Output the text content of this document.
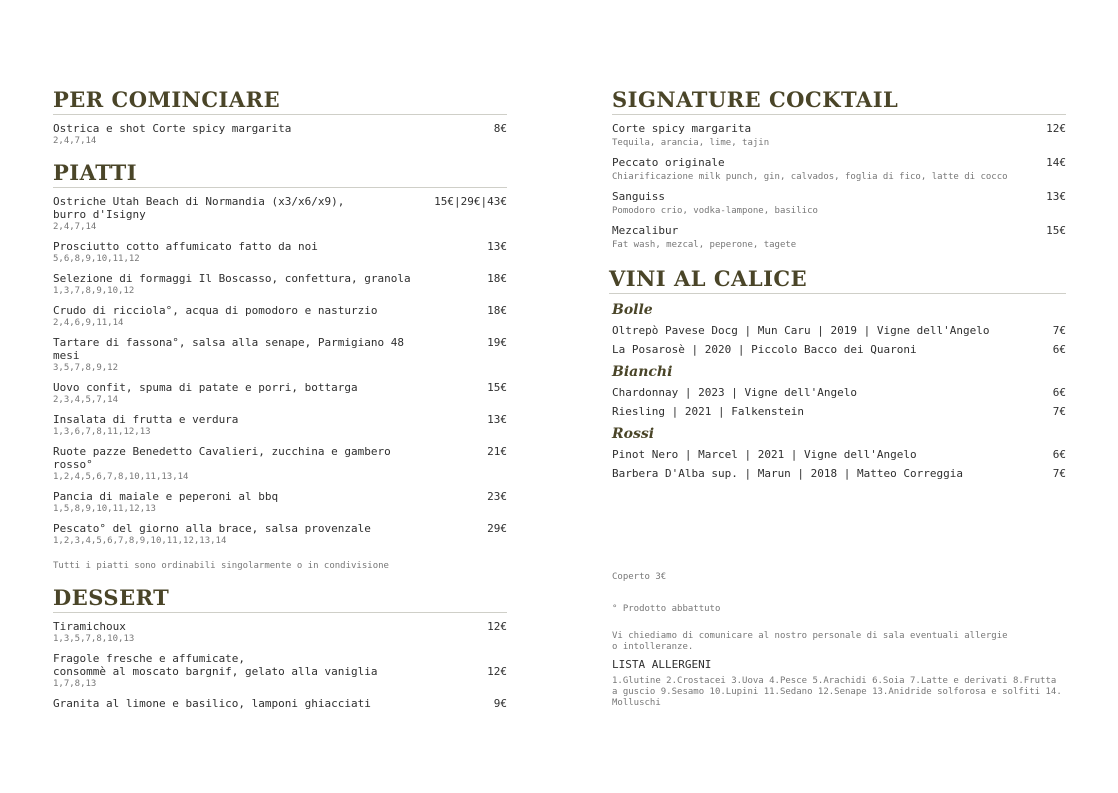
PER COMINCIARE
Ostrica e shot Corte spicy margarita	8€
2,4,7,14
PIATTI
Ostriche Utah Beach di Normandia (x3/x6/x9),
burro d'Isigny
15€|29€|43€
2,4,7,14
Prosciutto cotto affumicato fatto da noi	13€
5,6,8,9,10,11,12
Selezione di formaggi Il Boscasso, confettura, granola	18€
1,3,7,8,9,10,12
Crudo di ricciola°, acqua di pomodoro e nasturzio	18€
2,4,6,9,11,14
Tartare di fassona°, salsa alla senape, Parmigiano 48 mesi
19€
3,5,7,8,9,12
Uovo confit, spuma di patate e porri, bottarga	15€
2,3,4,5,7,14
Insalata di frutta e verdura	13€
1,3,6,7,8,11,12,13
Ruote pazze Benedetto Cavalieri, zucchina e gambero rosso°
21€
1,2,4,5,6,7,8,10,11,13,14
Pancia di maiale e peperoni al bbq	23€
1,5,8,9,10,11,12,13
Pescato° del giorno alla brace, salsa provenzale	29€
1,2,3,4,5,6,7,8,9,10,11,12,13,14
Tutti i piatti sono ordinabili singolarmente o in condivisione
DESSERT
Tiramichoux	12€
1,3,5,7,8,10,13
Fragole fresche e affumicate,
consommè al moscato bargnif, gelato alla vaniglia	12€
1,7,8,13
Granita al limone e basilico, lamponi ghiacciati	9€
SIGNATURE COCKTAIL
Corte spicy margarita	12€
Tequila, arancia, lime, tajin
Peccato originale	14€
Chiarificazione milk punch, gin, calvados, foglia di fico, latte di cocco
Sanguiss	13€
Pomodoro crio, vodka-lampone, basilico
Mezcalibur	15€
Fat wash, mezcal, peperone, tagete
VINI AL CALICE
Bolle
Oltrepò Pavese Docg | Mun Caru | 2019 | Vigne dell'Angelo	7€
La Posarosè | 2020 | Piccolo Bacco dei Quaroni	6€
Bianchi
Chardonnay | 2023 | Vigne dell'Angelo	6€
Riesling | 2021 | Falkenstein	7€
Rossi
Pinot Nero | Marcel | 2021 | Vigne dell'Angelo	6€
Barbera D'Alba sup. | Marun | 2018 | Matteo Correggia	7€
Coperto 3€
° Prodotto abbattuto
Vi chiediamo di comunicare al nostro personale di sala eventuali allergie
o intolleranze.
LISTA ALLERGENI
1.Glutine 2.Crostacei 3.Uova 4.Pesce 5.Arachidi 6.Soia 7.Latte e derivati 8.Frutta a guscio 9.Sesamo 10.Lupini 11.Sedano 12.Senape 13.Anidride solforosa e solfiti 14. Molluschi
